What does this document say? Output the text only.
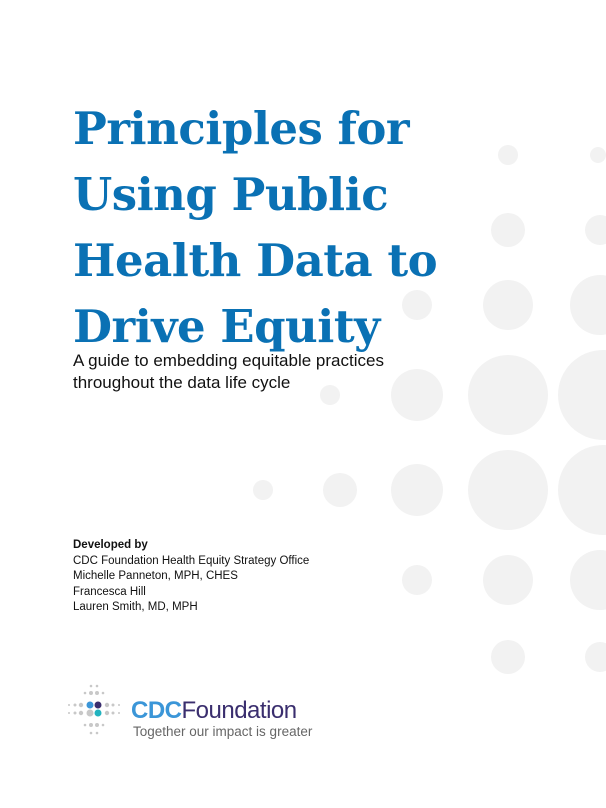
Principles for
Using Public
Health Data to
Drive Equity
A guide to embedding equitable practices throughout the data life cycle
Developed by
CDC Foundation Health Equity Strategy Office
Michelle Panneton, MPH, CHES
Francesca Hill
Lauren Smith, MD, MPH
CDCFoundation
Together our impact is greater
